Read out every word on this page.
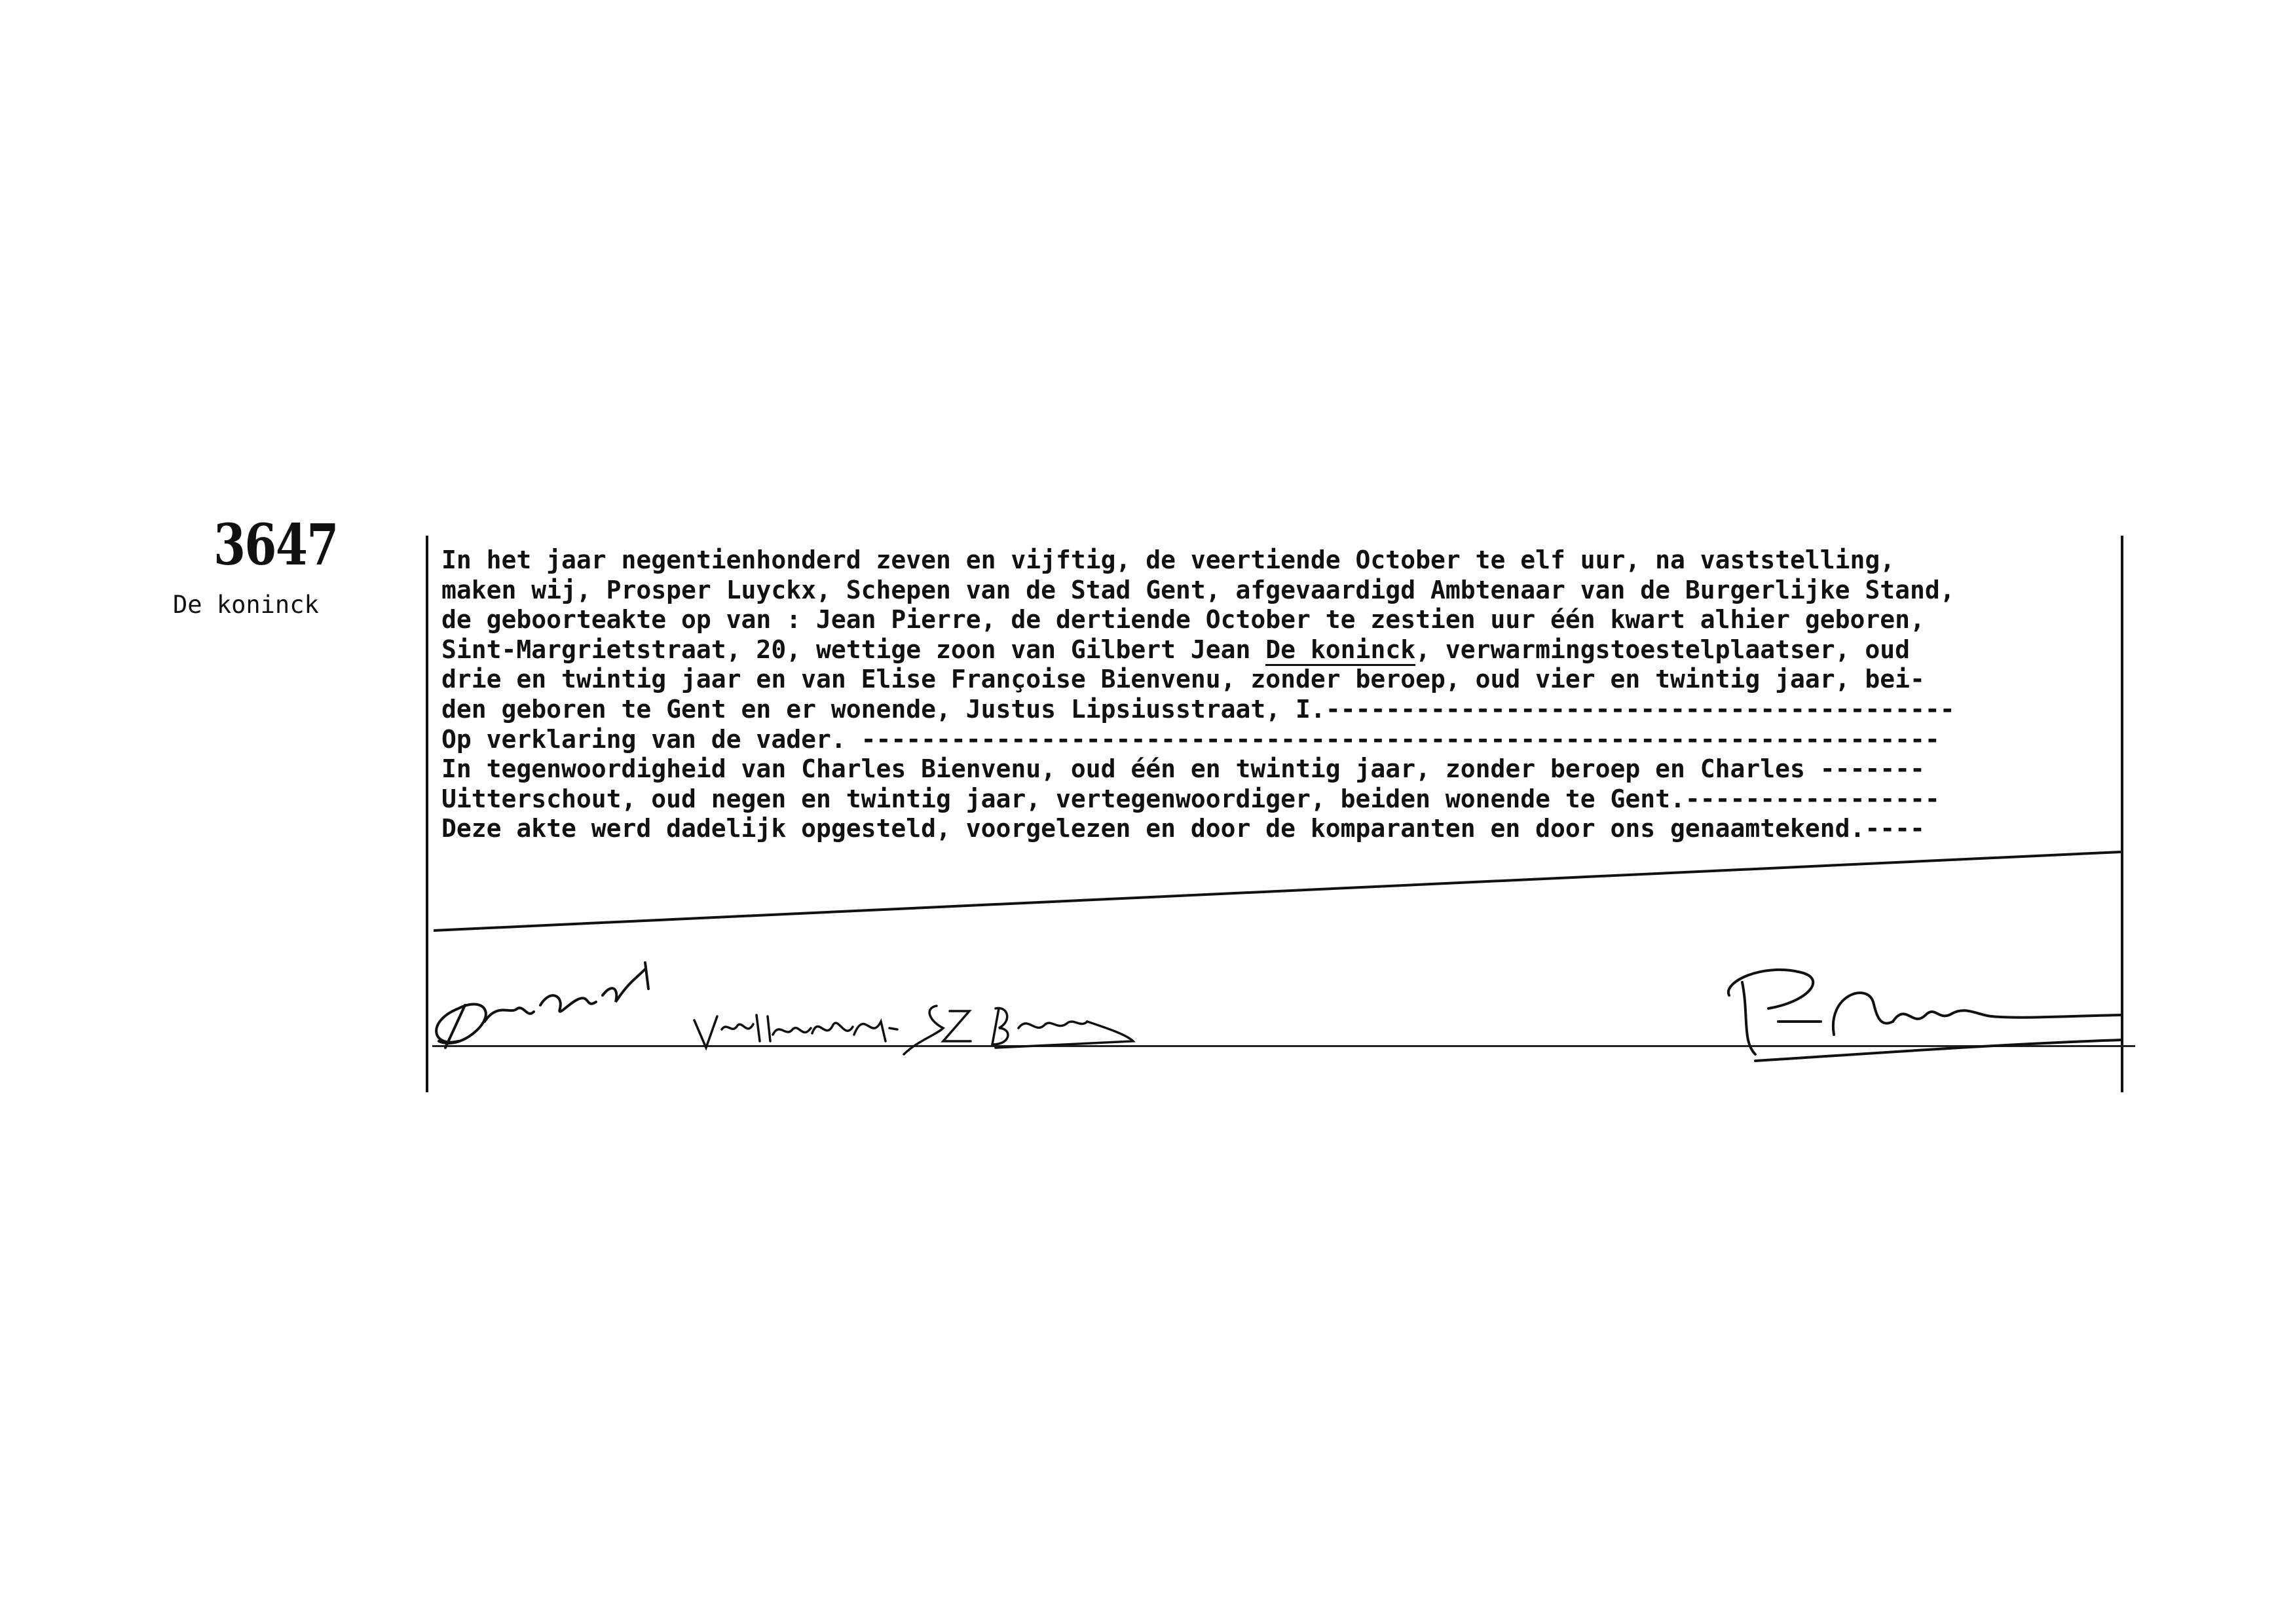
3647
De koninck
In het jaar negentienhonderd zeven en vijftig, de veertiende October te elf uur, na vaststelling,
maken wij, Prosper Luyckx, Schepen van de Stad Gent, afgevaardigd Ambtenaar van de Burgerlijke Stand,
de geboorteakte op van : Jean Pierre, de dertiende October te zestien uur één kwart alhier geboren,
Sint-Margrietstraat, 20, wettige zoon van Gilbert Jean De koninck, verwarmingstoestelplaatser, oud
drie en twintig jaar en van Elise Françoise Bienvenu, zonder beroep, oud vier en twintig jaar, bei-
den geboren te Gent en er wonende, Justus Lipsiusstraat, I.------------------------------------------
Op verklaring van de vader. ------------------------------------------------------------------------
In tegenwoordigheid van Charles Bienvenu, oud één en twintig jaar, zonder beroep en Charles -------
Uitterschout, oud negen en twintig jaar, vertegenwoordiger, beiden wonende te Gent.-----------------
Deze akte werd dadelijk opgesteld, voorgelezen en door de komparanten en door ons genaamtekend.----
